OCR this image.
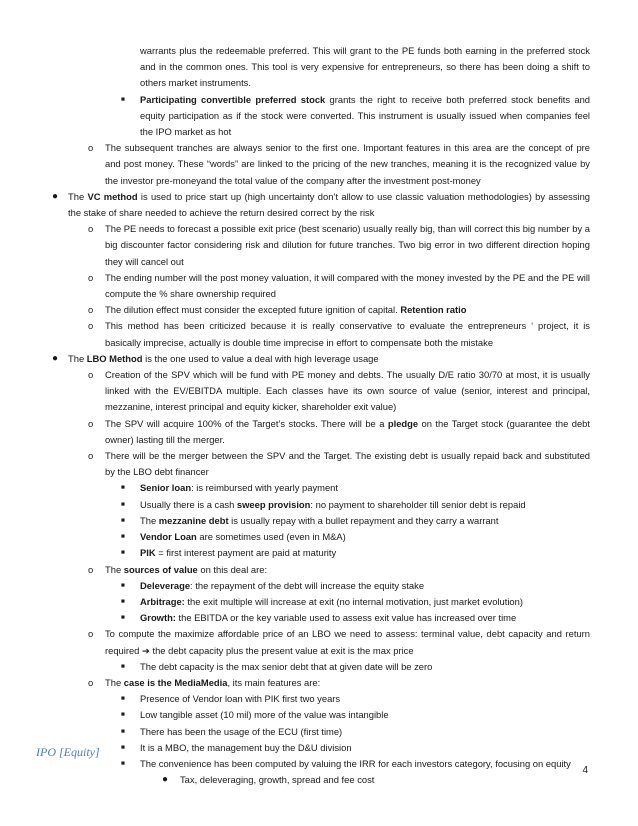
warrants plus the redeemable preferred. This will grant to the PE funds both earning in the preferred stock and in the common ones. This tool is very expensive for entrepreneurs, so there has been doing a shift to others market instruments.
■ Participating convertible preferred stock grants the right to receive both preferred stock benefits and equity participation as if the stock were converted. This instrument is usually issued when companies feel the IPO market as hot
o The subsequent tranches are always senior to the first one. Important features in this area are the concept of pre and post money. These “words” are linked to the pricing of the new tranches, meaning it is the recognized value by the investor pre-moneyand the total value of the company after the investment post-money
● The VC method is used to price start up (high uncertainty don’t allow to use classic valuation methodologies) by assessing the stake of share needed to achieve the return desired correct by the risk
o The PE needs to forecast a possible exit price (best scenario) usually really big, than will correct this big number by a big discounter factor considering risk and dilution for future tranches. Two big error in two different direction hoping they will cancel out
o The ending number will the post money valuation, it will compared with the money invested by the PE and the PE will compute the % share ownership required
o The dilution effect must consider the excepted future ignition of capital. Retention ratio
o This method has been criticized because it is really conservative to evaluate the entrepreneurs ‘ project, it is basically imprecise, actually is double time imprecise in effort to compensate both the mistake
● The LBO Method is the one used to value a deal with high leverage usage
o Creation of the SPV which will be fund with PE money and debts. The usually D/E ratio 30/70 at most, it is usually linked with the EV/EBITDA multiple. Each classes have its own source of value (senior, interest and principal, mezzanine, interest principal and equity kicker, shareholder exit value)
o The SPV will acquire 100% of the Target’s stocks. There will be a pledge on the Target stock (guarantee the debt owner) lasting till the merger.
o There will be the merger between the SPV and the Target. The existing debt is usually repaid back and substituted by the LBO debt financer
■ Senior loan: is reimbursed with yearly payment
■ Usually there is a cash sweep provision: no payment to shareholder till senior debt is repaid
■ The mezzanine debt is usually repay with a bullet repayment and they carry a warrant
■ Vendor Loan are sometimes used (even in M&A)
■ PIK = first interest payment are paid at maturity
o The sources of value on this deal are:
■ Deleverage: the repayment of the debt will increase the equity stake
■ Arbitrage: the exit multiple will increase at exit (no internal motivation, just market evolution)
■ Growth: the EBITDA or the key variable used to assess exit value has increased over time
o To compute the maximize affordable price of an LBO we need to assess: terminal value, debt capacity and return required ➔ the debt capacity plus the present value at exit is the max price
■ The debt capacity is the max senior debt that at given date will be zero
o The case is the MediaMedia, its main features are:
■ Presence of Vendor loan with PIK first two years
■ Low tangible asset (10 mil) more of the value was intangible
■ There has been the usage of the ECU (first time)
■ It is a MBO, the management buy the D&U division
■ The convenience has been computed by valuing the IRR for each investors category, focusing on equity
● Tax, deleveraging, growth, spread and fee cost
IPO [Equity]
4
